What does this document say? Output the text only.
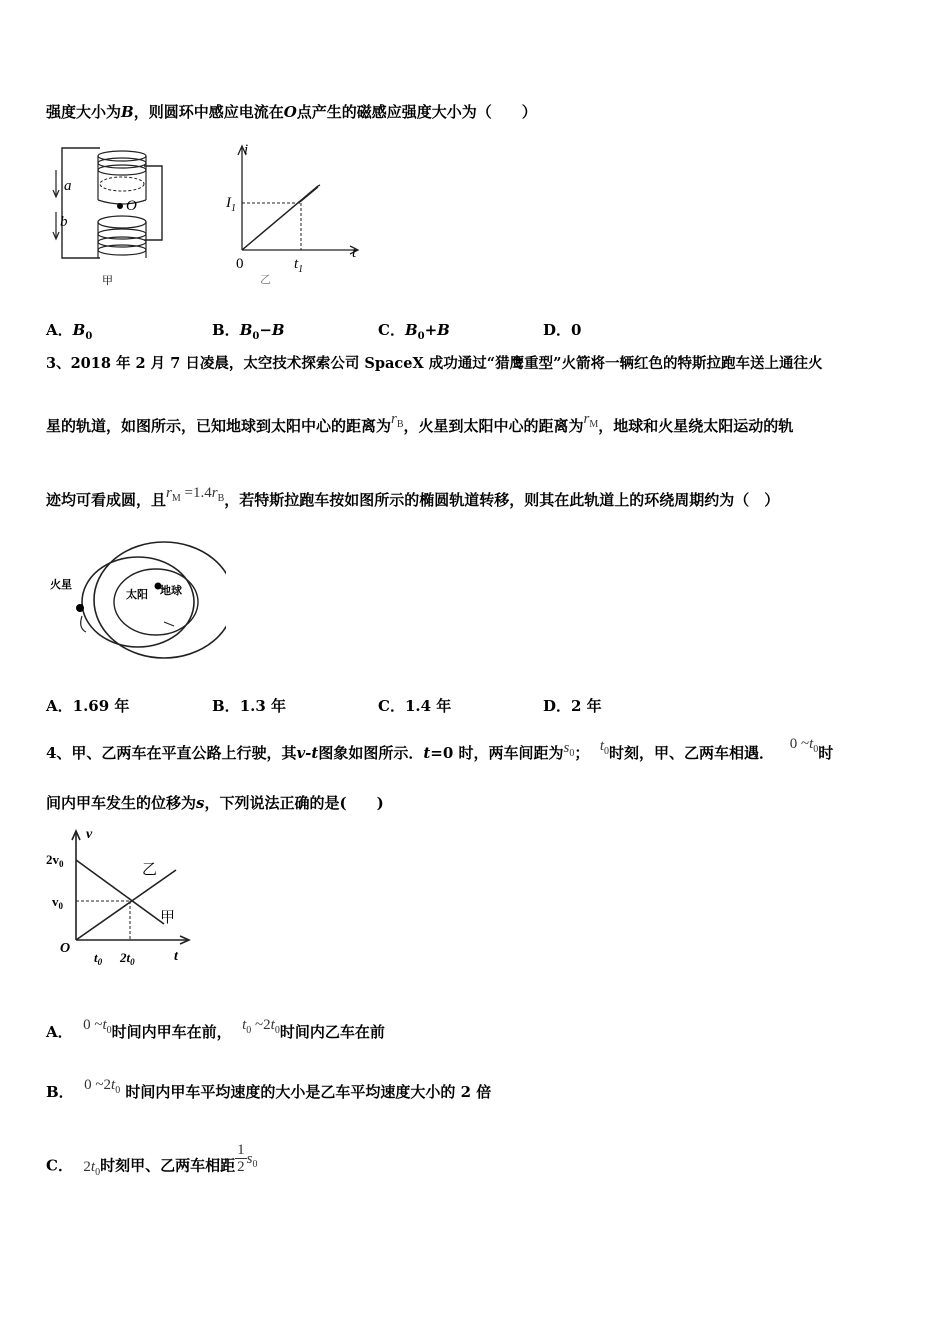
强度大小为B，则圆环中感应电流在O点产生的磁感应强度大小为（　　）
a
b
O
甲
i
t
0
$I_1$
$t_1$
乙
A．$B_0$	B．$B_0-B$	C．$B_0+B$	D．0
3、2018 年 2 月 7 日凌晨，太空技术探索公司 SpaceX 成功通过“猎鹰重型”火箭将一辆红色的特斯拉跑车送上通往火
星的轨道，如图所示，已知地球到太阳中心的距离为$r_B$，火星到太阳中心的距离为$r_M$，地球和火星绕太阳运动的轨
迹均可看成圆，且$r_M =1.4r_B$，若特斯拉跑车按如图所示的椭圆轨道转移，则其在此轨道上的环绕周期约为（　）
火星
太阳 地球
A．1.69 年	B．1.3 年	C．1.4 年	D．2 年
4、甲、乙两车在平直公路上行驶，其v-t图象如图所示．t=0 时，两车间距为$s_0$； $t_0$时刻，甲、乙两车相遇． 0 $\sim t_0$时
间内甲车发生的位移为s，下列说法正确的是(　　)
v
$2v_0$
$v_0$
O
$t_0$ $2t_0$	t
乙
甲
A． 0 $\sim t_0$时间内甲车在前， $t_0$ $\sim 2t_0$时间内乙车在前
B． 0 $\sim 2t_0$ 时间内甲车平均速度的大小是乙车平均速度大小的 2 倍
C． $2t_0$时刻甲、乙两车相距 $\frac{1}{2} s_0$
